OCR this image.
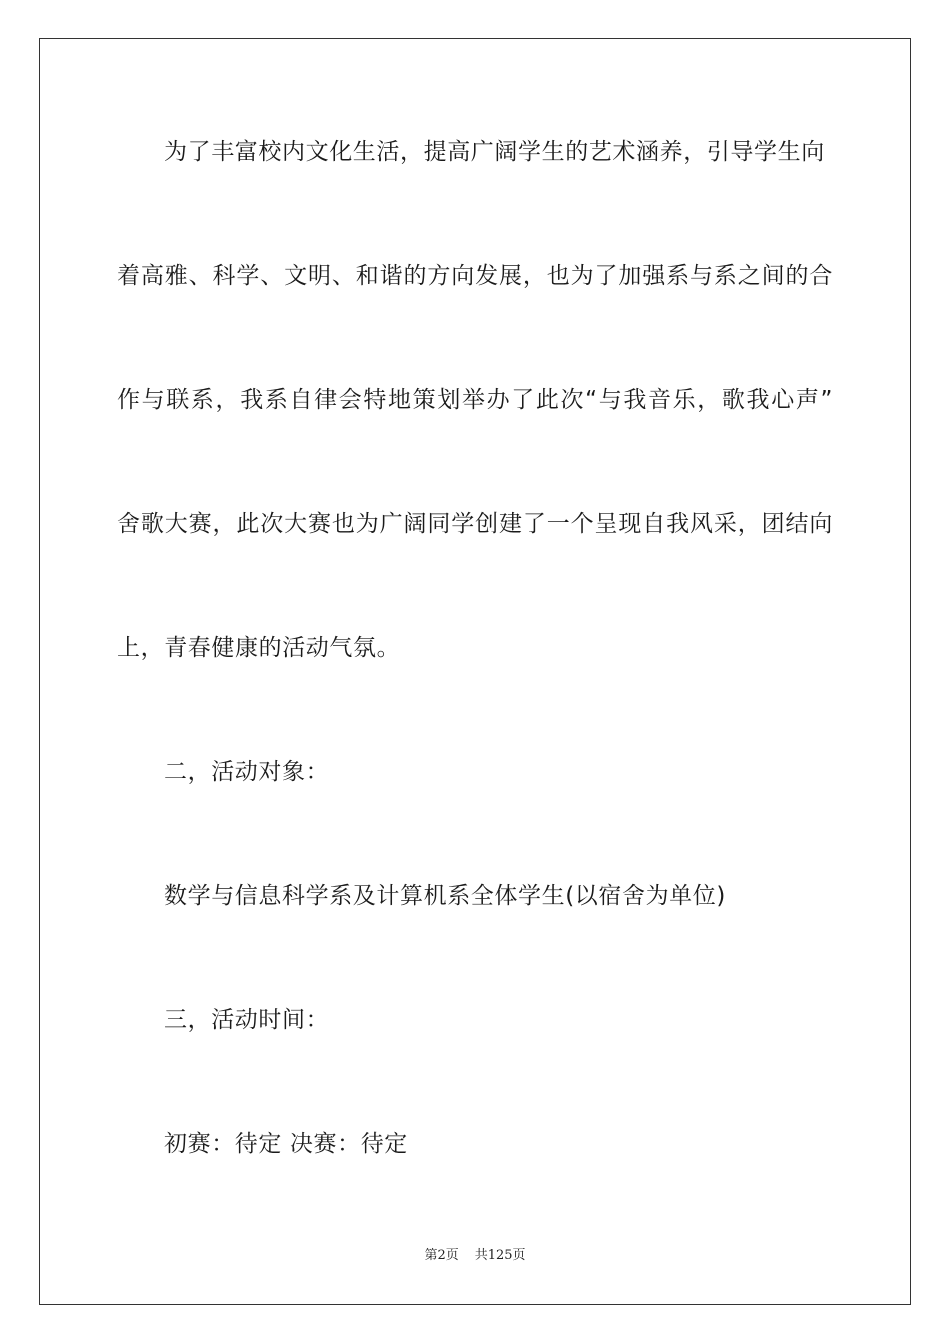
为了丰富校内文化生活，提高广阔学生的艺术涵养，引导学生向
着高雅、科学、文明、和谐的方向发展，也为了加强系与系之间的合
作与联系，我系自律会特地策划举办了此次“与我音乐，歌我心声”
舍歌大赛，此次大赛也为广阔同学创建了一个呈现自我风采，团结向
上，青春健康的活动气氛。
二，活动对象：
数学与信息科学系及计算机系全体学生(以宿舍为单位)
三，活动时间：
初赛：待定 决赛：待定
第2页 共125页
